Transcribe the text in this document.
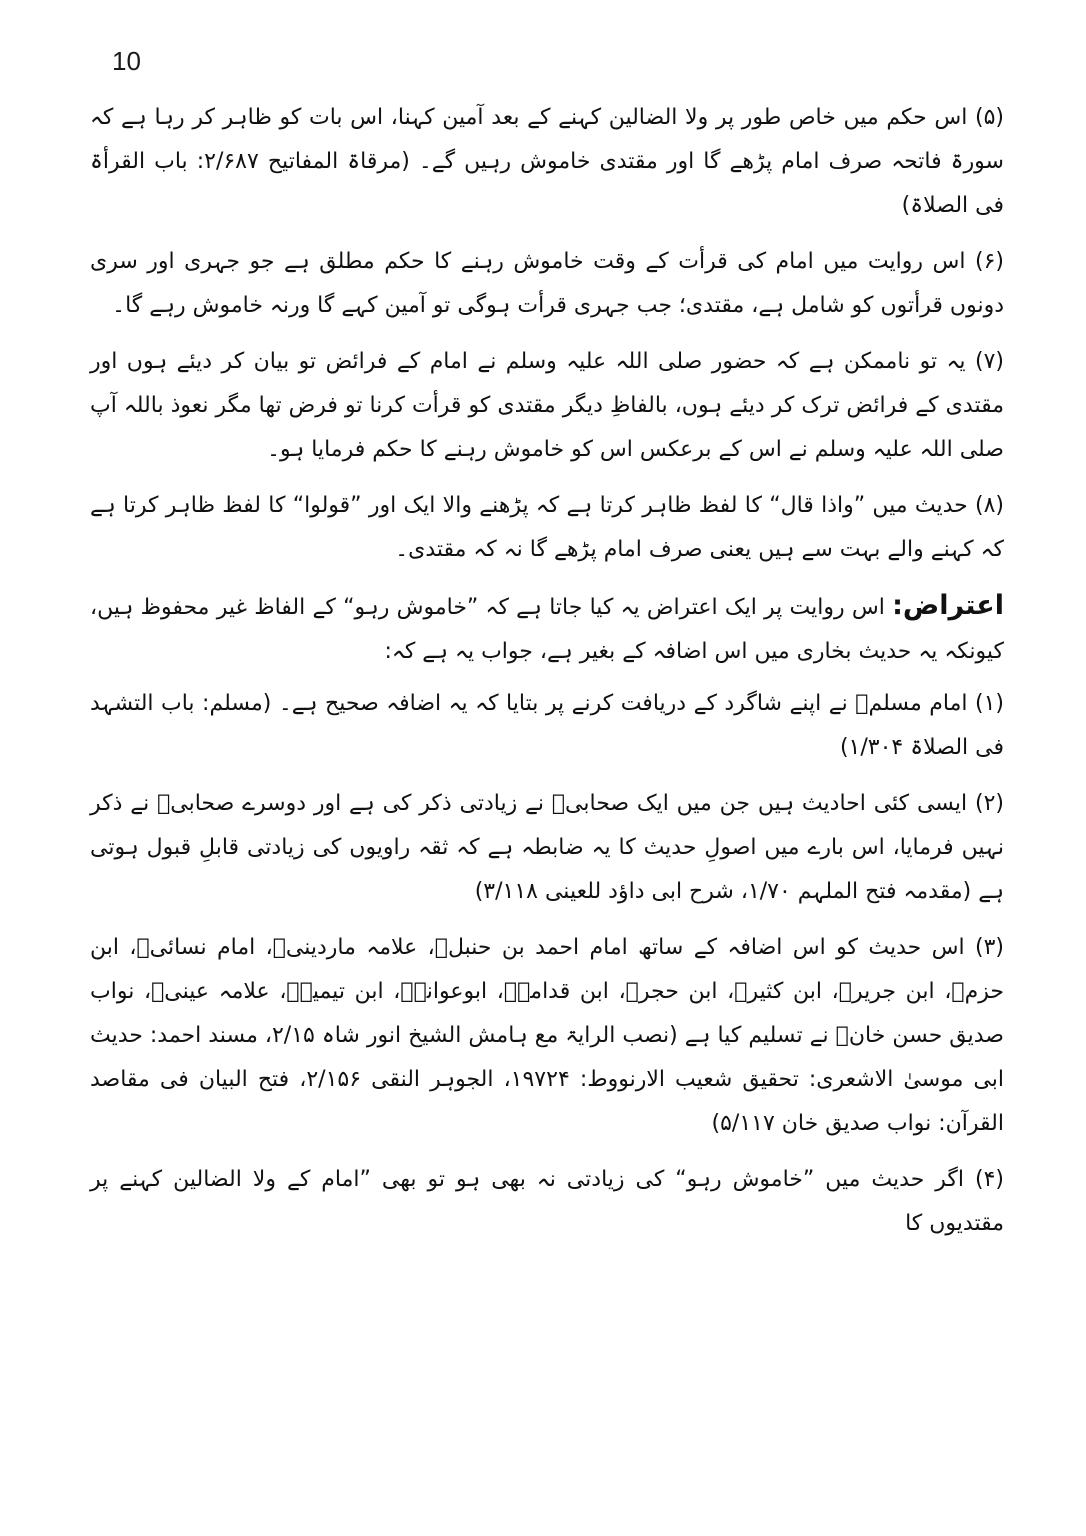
10

(۵) اس حکم میں خاص طور پر ولا الضالین کہنے کے بعد آمین کہنا، اس بات کو ظاہر کر رہا ہے کہ سورۃ فاتحہ صرف امام پڑھے گا اور مقتدی خاموش رہیں گے۔ (مرقاۃ المفاتیح ۲/۶۸۷: باب القرأۃ فی الصلاۃ)

(۶) اس روایت میں امام کی قرأت کے وقت خاموش رہنے کا حکم مطلق ہے جو جہری اور سری دونوں قرأتوں کو شامل ہے، مقتدی؛ جب جہری قرأت ہوگی تو آمین کہے گا ورنہ خاموش رہے گا۔

(۷) یہ تو ناممکن ہے کہ حضور صلی اللہ علیہ وسلم نے امام کے فرائض تو بیان کر دیئے ہوں اور مقتدی کے فرائض ترک کر دیئے ہوں، بالفاظِ دیگر مقتدی کو قرأت کرنا تو فرض تھا مگر نعوذ باللہ آپ صلی اللہ علیہ وسلم نے اس کے برعکس اس کو خاموش رہنے کا حکم فرمایا ہو۔

(۸) حدیث میں ”واذا قال“ کا لفظ ظاہر کرتا ہے کہ پڑھنے والا ایک اور ”قولوا“ کا لفظ ظاہر کرتا ہے کہ کہنے والے بہت سے ہیں یعنی صرف امام پڑھے گا نہ کہ مقتدی۔

اعتراض: اس روایت پر ایک اعتراض یہ کیا جاتا ہے کہ ”خاموش رہو“ کے الفاظ غیر محفوظ ہیں، کیونکہ یہ حدیث بخاری میں اس اضافہ کے بغیر ہے، جواب یہ ہے کہ:

(۱) امام مسلمؒ نے اپنے شاگرد کے دریافت کرنے پر بتایا کہ یہ اضافہ صحیح ہے۔ (مسلم: باب التشہد فی الصلاۃ ۱/۳۰۴)

(۲) ایسی کئی احادیث ہیں جن میں ایک صحابیؓ نے زیادتی ذکر کی ہے اور دوسرے صحابیؓ نے ذکر نہیں فرمایا، اس بارے میں اصولِ حدیث کا یہ ضابطہ ہے کہ ثقہ راویوں کی زیادتی قابلِ قبول ہوتی ہے (مقدمہ فتح الملہم ۱/۷۰، شرح ابی داؤد للعینی ۳/۱۱۸)

(۳) اس حدیث کو اس اضافہ کے ساتھ امام احمد بن حنبلؒ، علامہ ماردینیؒ، امام نسائیؒ، ابن حزمؒ، ابن جریرؒ، ابن کثیرؒ، ابن حجرؒ، ابن قدامہؒ، ابوعوانہؒ، ابن تیمیہؒ، علامہ عینیؒ، نواب صدیق حسن خانؒ نے تسلیم کیا ہے (نصب الرایۃ مع ہامش الشیخ انور شاہ ۲/۱۵، مسند احمد: حدیث ابی موسیٰ الاشعری: تحقیق شعیب الارنووط: ۱۹۷۲۴، الجوہر النقی ۲/۱۵۶، فتح البیان فی مقاصد القرآن: نواب صدیق خان ۵/۱۱۷)

(۴) اگر حدیث میں ”خاموش رہو“ کی زیادتی نہ بھی ہو تو بھی ”امام کے ولا الضالین کہنے پر مقتدیوں کا
